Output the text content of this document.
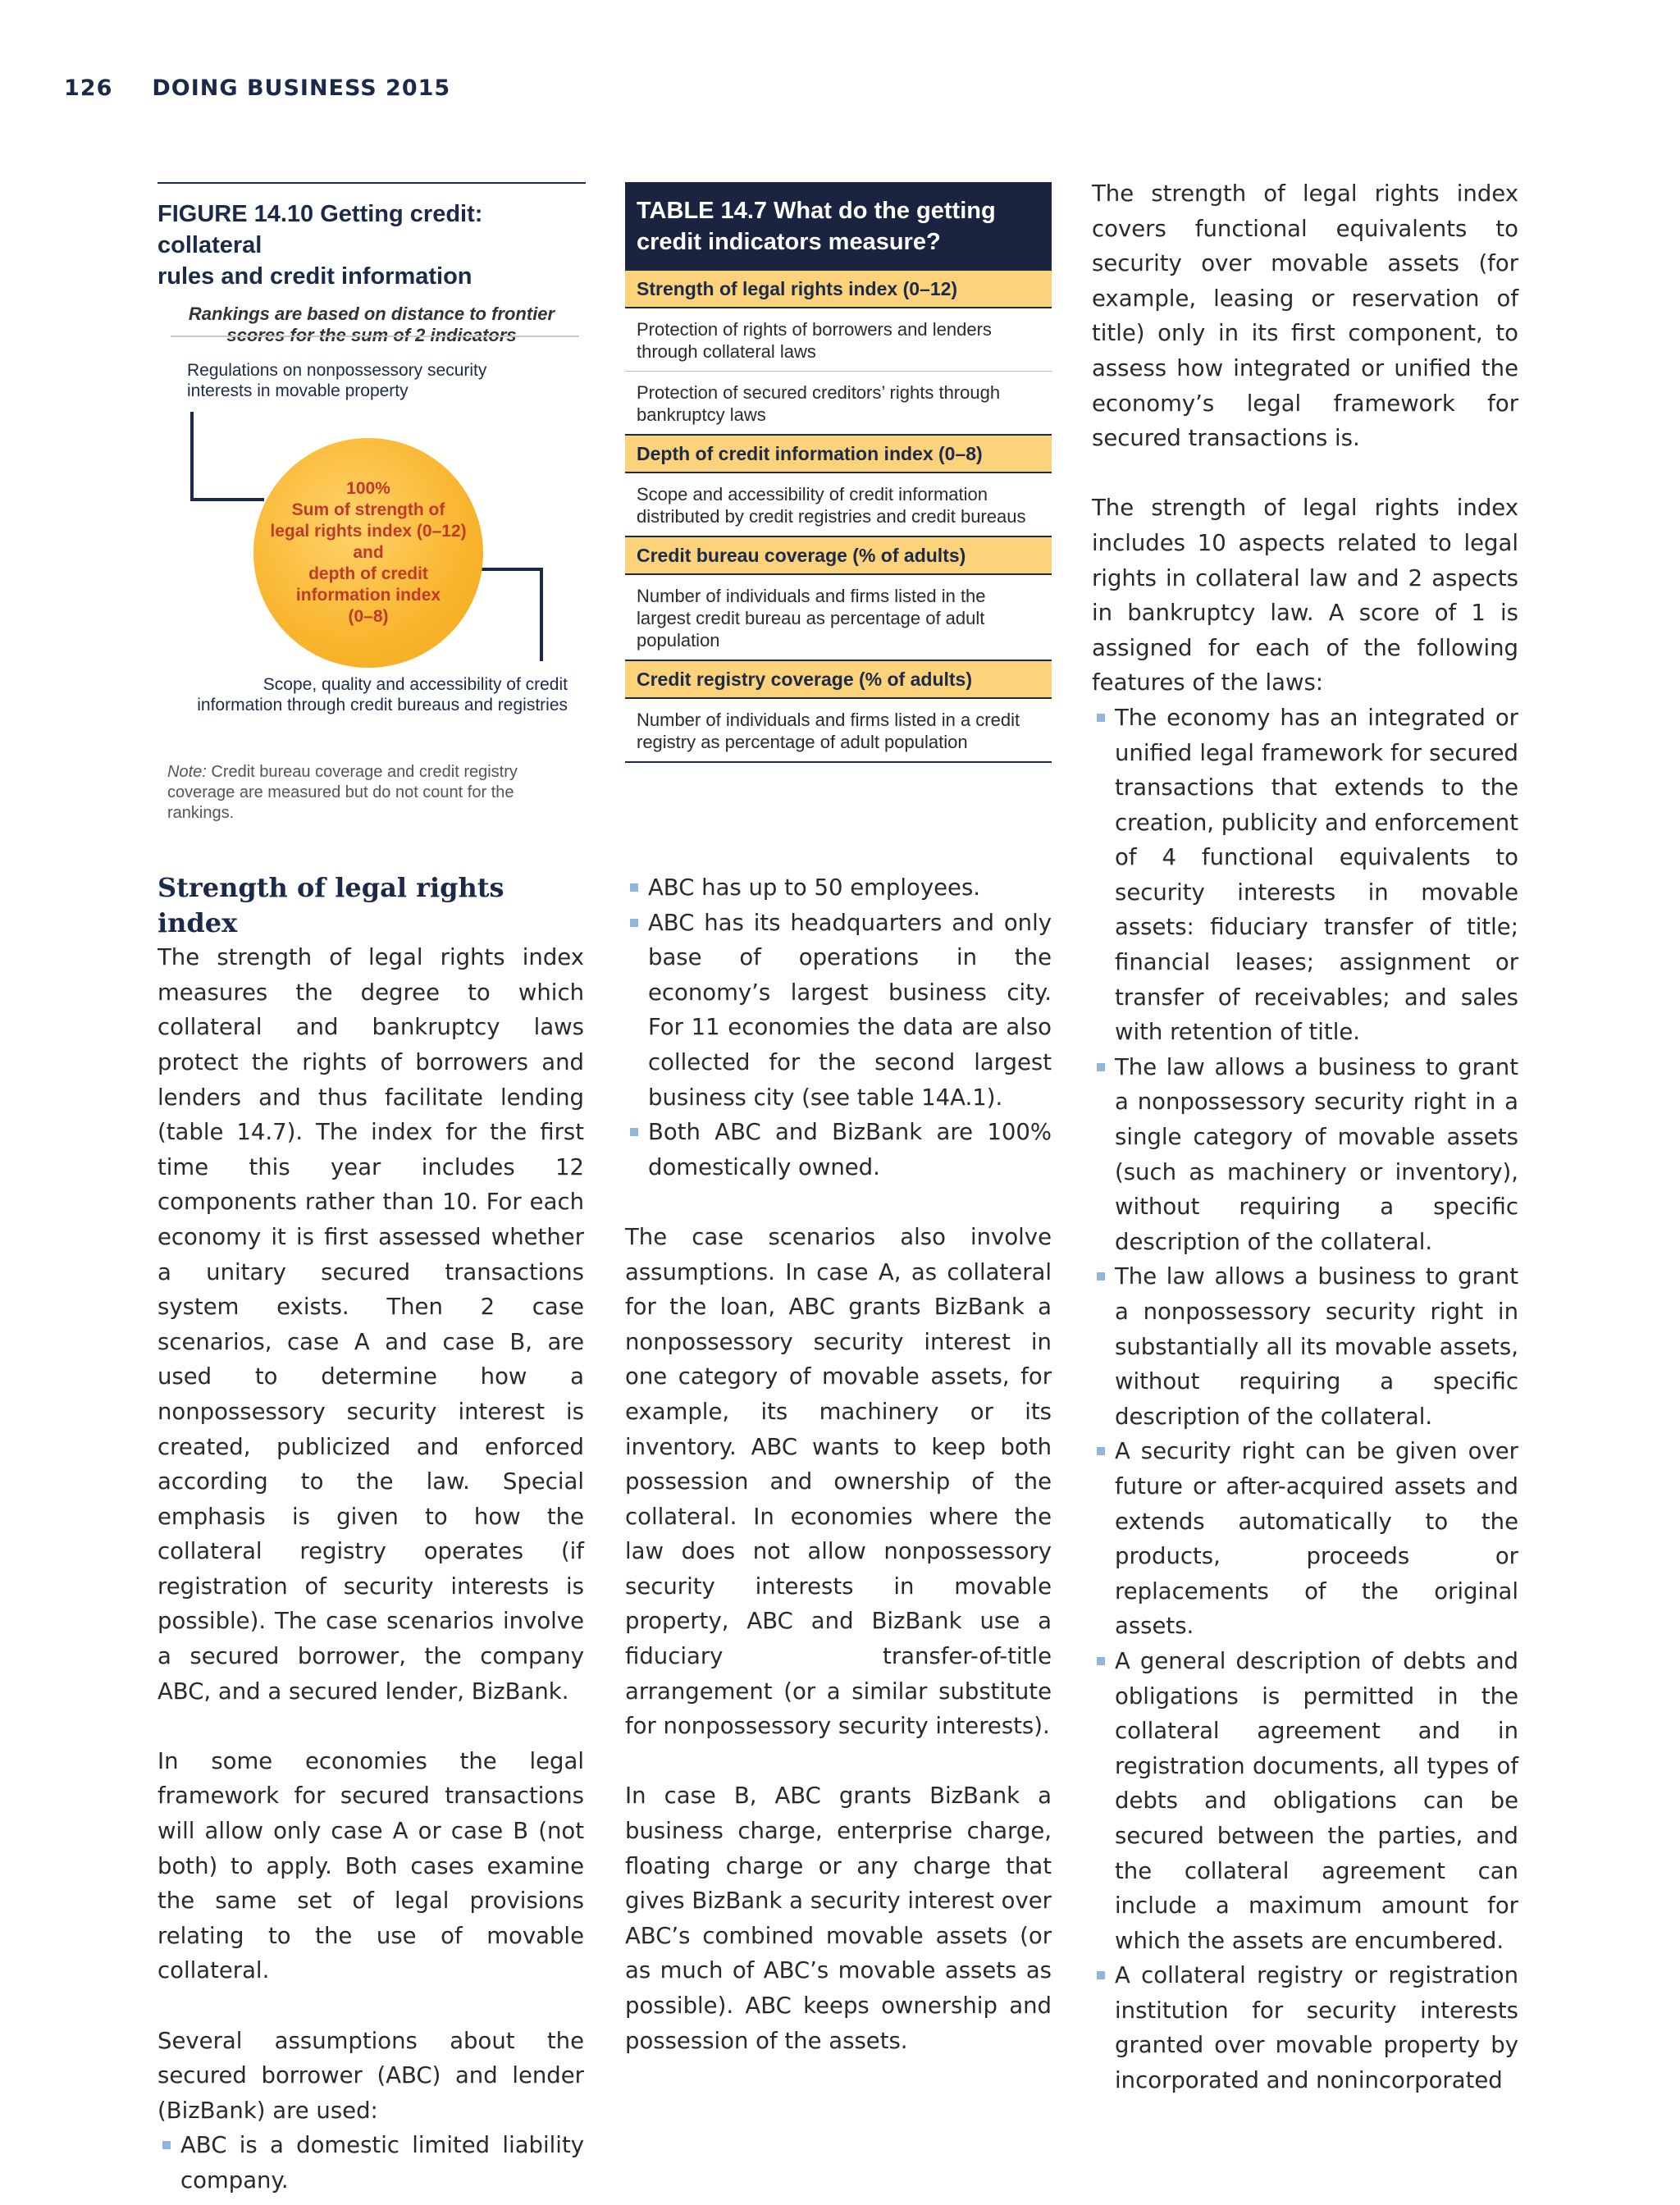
126 DOING BUSINESS 2015
FIGURE 14.10 Getting credit: collateral
rules and credit information
Rankings are based on distance to frontier
scores for the sum of 2 indicators
Regulations on nonpossessory security
interests in movable property
100%
Sum of strength of
legal rights index (0–12)
and
depth of credit
information index
(0–8)
Scope, quality and accessibility of credit
information through credit bureaus and registries
Note: Credit bureau coverage and credit registry coverage are measured but do not count for the rankings.
TABLE 14.7 What do the getting
credit indicators measure?
Strength of legal rights index (0–12)
Protection of rights of borrowers and lenders through collateral laws
Protection of secured creditors’ rights through bankruptcy laws
Depth of credit information index (0–8)
Scope and accessibility of credit information distributed by credit registries and credit bureaus
Credit bureau coverage (% of adults)
Number of individuals and firms listed in the largest credit bureau as percentage of adult population
Credit registry coverage (% of adults)
Number of individuals and firms listed in a credit registry as percentage of adult population
Strength of legal rights index

The strength of legal rights index measures the degree to which collateral and bankruptcy laws protect the rights of borrowers and lenders and thus facilitate lending (table 14.7). The index for the first time this year includes 12 components rather than 10. For each economy it is first assessed whether a unitary secured transactions system exists. Then 2 case scenarios, case A and case B, are used to determine how a nonpossessory security interest is created, publicized and enforced according to the law. Special emphasis is given to how the collateral registry operates (if registration of security interests is possible). The case scenarios involve a secured borrower, the company ABC, and a secured lender, BizBank.

In some economies the legal framework for secured transactions will allow only case A or case B (not both) to apply. Both cases examine the same set of legal provisions relating to the use of movable collateral.

Several assumptions about the secured borrower (ABC) and lender (BizBank) are used:

ABC is a domestic limited liability company.
ABC has up to 50 employees.
ABC has its headquarters and only base of operations in the economy’s largest business city. For 11 economies the data are also collected for the second largest business city (see table 14A.1).
Both ABC and BizBank are 100% domestically owned.

The case scenarios also involve assumptions. In case A, as collateral for the loan, ABC grants BizBank a nonpossessory security interest in one category of movable assets, for example, its machinery or its inventory. ABC wants to keep both possession and ownership of the collateral. In economies where the law does not allow nonpossessory security interests in movable property, ABC and BizBank use a fiduciary transfer-of-title arrangement (or a similar substitute for nonpossessory security interests).

In case B, ABC grants BizBank a business charge, enterprise charge, floating charge or any charge that gives BizBank a security interest over ABC’s combined movable assets (or as much of ABC’s movable assets as possible). ABC keeps ownership and possession of the assets.

The strength of legal rights index covers functional equivalents to security over movable assets (for example, leasing or reservation of title) only in its first component, to assess how integrated or unified the economy’s legal framework for secured transactions is.

The strength of legal rights index includes 10 aspects related to legal rights in collateral law and 2 aspects in bankruptcy law. A score of 1 is assigned for each of the following features of the laws:

The economy has an integrated or unified legal framework for secured transactions that extends to the creation, publicity and enforcement of 4 functional equivalents to security interests in movable assets: fiduciary transfer of title; financial leases; assignment or transfer of receivables; and sales with retention of title.
The law allows a business to grant a nonpossessory security right in a single category of movable assets (such as machinery or inventory), without requiring a specific description of the collateral.
The law allows a business to grant a nonpossessory security right in substantially all its movable assets, without requiring a specific description of the collateral.
A security right can be given over future or after-acquired assets and extends automatically to the products, proceeds or replacements of the original assets.
A general description of debts and obligations is permitted in the collateral agreement and in registration documents, all types of debts and obligations can be secured between the parties, and the collateral agreement can include a maximum amount for which the assets are encumbered.
A collateral registry or registration institution for security interests granted over movable property by incorporated and nonincorporated
